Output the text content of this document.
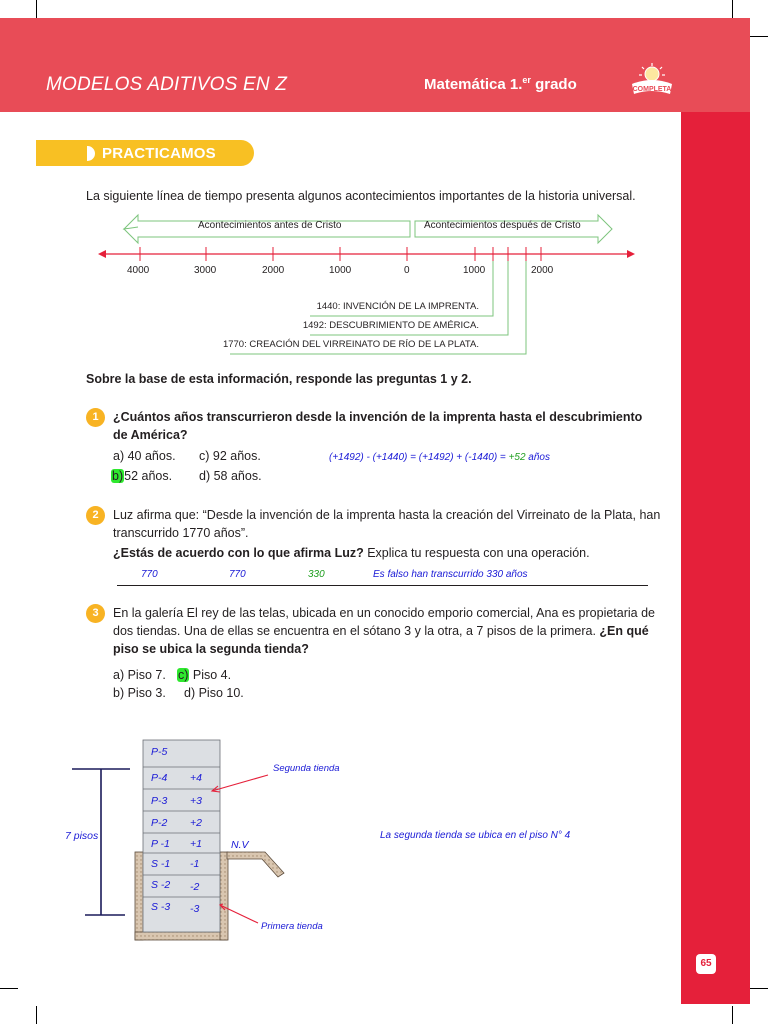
MODELOS ADITIVOS EN Z	Matemática 1.$^{er}$ grado	COMPLETA
65
PRACTICAMOS
La siguiente línea de tiempo presenta algunos acontecimientos importantes de la historia universal.
Acontecimientos antes de Cristo	Acontecimientos después de Cristo
4000	3000	2000	1000	0	1000	2000
1440: INVENCIÓN DE LA IMPRENTA.
1492: DESCUBRIMIENTO DE AMÉRICA.
1770: CREACIÓN DEL VIRREINATO DE RÍO DE LA PLATA.
Sobre la base de esta información, responde las preguntas 1 y 2.
1	¿Cuántos años transcurrieron desde la invención de la imprenta hasta el descubrimiento de América?
a) 40 años. c) 92 años.
b)52 años. d) 58 años.
(+1492) - (+1440) = (+1492) + (-1440) = +52 años
2	Luz afirma que: “Desde la invención de la imprenta hasta la creación del Virreinato de la Plata, han
transcurrido 1770 años”.
¿Estás de acuerdo con lo que afirma Luz? Explica tu respuesta con una operación.
770	770	330	Es falso han transcurrido 330 años
3	En la galería El rey de las telas, ubicada en un conocido emporio comercial, Ana es propietaria de
dos tiendas. Una de ellas se encuentra en el sótano 3 y la otra, a 7 pisos de la primera. ¿En qué
piso se ubica la segunda tienda?
a) Piso 7. c) Piso 4.
b) Piso 3. d) Piso 10.
P-5
P-4 +4
P-3 +3
P-2 +2
P -1 +1
S -1 -1
S -2 -2
S -3 -3
7 pisos
N.V
Segunda tienda
Primera tienda
La segunda tienda se ubica en el piso N° 4
